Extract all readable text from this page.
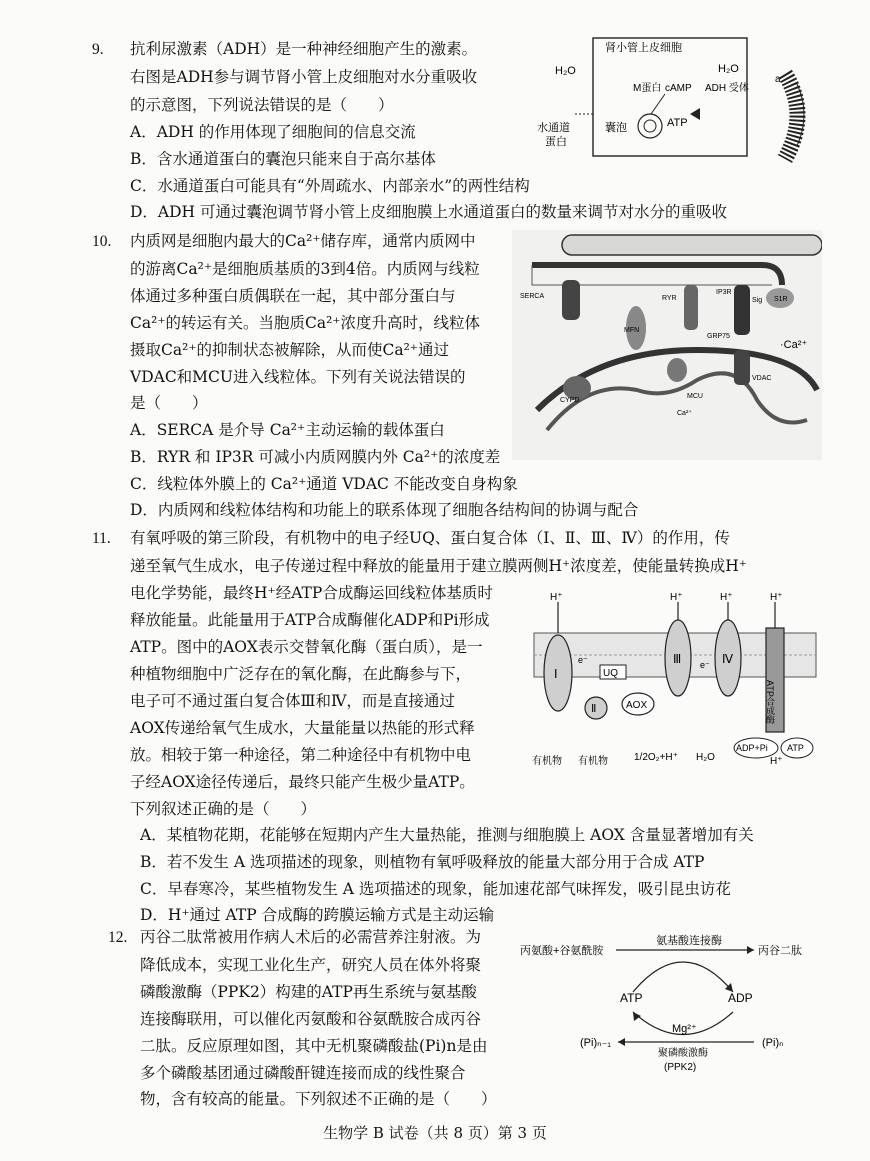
9. 抗利尿激素（ADH）是一种神经细胞产生的激素。
右图是ADH参与调节肾小管上皮细胞对水分重吸收
的示意图，下列说法错误的是（　　）
A．ADH 的作用体现了细胞间的信息交流
B．含水通道蛋白的囊泡只能来自于高尔基体
C．水通道蛋白可能具有“外周疏水、内部亲水”的两性结构
D．ADH 可通过囊泡调节肾小管上皮细胞膜上水通道蛋白的数量来调节对水分的重吸收
肾小管上皮细胞
H₂O	H₂O
M蛋白 cAMP ADH 受体
水通道
蛋白
囊泡	ATP
a
10. 内质网是细胞内最大的Ca²⁺储存库，通常内质网中
的游离Ca²⁺是细胞质基质的3到4倍。内质网与线粒
体通过多种蛋白质偶联在一起，其中部分蛋白与
Ca²⁺的转运有关。当胞质Ca²⁺浓度升高时，线粒体
摄取Ca²⁺的抑制状态被解除，从而使Ca²⁺通过
VDAC和MCU进入线粒体。下列有关说法错误的
是（　　）
A．SERCA 是介导 Ca²⁺主动运输的载体蛋白
B．RYR 和 IP3R 可减小内质网膜内外 Ca²⁺的浓度差
C．线粒体外膜上的 Ca²⁺通道 VDAC 不能改变自身构象
D．内质网和线粒体结构和功能上的联系体现了细胞各结构间的协调与配合
SERCA	RYR
IP3R
Sig S1R
MFN
GRP75
VDAC
MCU
CYPD
Ca²⁺
·Ca²⁺
11. 有氧呼吸的第三阶段，有机物中的电子经UQ、蛋白复合体（Ⅰ、Ⅱ、Ⅲ、Ⅳ）的作用，传
递至氧气生成水，电子传递过程中释放的能量用于建立膜两侧H⁺浓度差，使能量转换成H⁺
电化学势能，最终H⁺经ATP合成酶运回线粒体基质时
释放能量。此能量用于ATP合成酶催化ADP和Pi形成
ATP。图中的AOX表示交替氧化酶（蛋白质），是一
种植物细胞中广泛存在的氧化酶，在此酶参与下，
电子可不通过蛋白复合体Ⅲ和Ⅳ，而是直接通过
AOX传递给氧气生成水，大量能量以热能的形式释
放。相较于第一种途径，第二种途径中有机物中电
子经AOX途径传递后，最终只能产生极少量ATP。
下列叙述正确的是（　　）
A．某植物花期，花能够在短期内产生大量热能，推测与细胞膜上 AOX 含量显著增加有关
B．若不发生 A 选项描述的现象，则植物有氧呼吸释放的能量大部分用于合成 ATP
C．早春寒冷，某些植物发生 A 选项描述的现象，能加速花部气味挥发，吸引昆虫访花
D．H⁺通过 ATP 合成酶的跨膜运输方式是主动运输
H⁺	H⁺	H⁺	H⁺
H⁺
Ⅰ
Ⅱ
UQ
AOX
Ⅲ	Ⅳ
e⁻	e⁻
ATP合成酶
ADP+Pi ATP
有机物 有机物	1/2O₂+H⁺ H₂O
12. 丙谷二肽常被用作病人术后的必需营养注射液。为
降低成本，实现工业化生产，研究人员在体外将聚
磷酸激酶（PPK2）构建的ATP再生系统与氨基酸
连接酶联用，可以催化丙氨酸和谷氨酰胺合成丙谷
二肽。反应原理如图，其中无机聚磷酸盐(Pi)n是由
多个磷酸基团通过磷酸酐键连接而成的线性聚合
物，含有较高的能量。下列叙述不正确的是（　　）
丙氨酸+谷氨酰胺
氨基酸连接酶
丙谷二肽
ATP	ADP
Mg²⁺
(Pi)ₙ₋₁	(Pi)ₙ
聚磷酸激酶
(PPK2)
生物学 B 试卷（共 8 页）第 3 页
